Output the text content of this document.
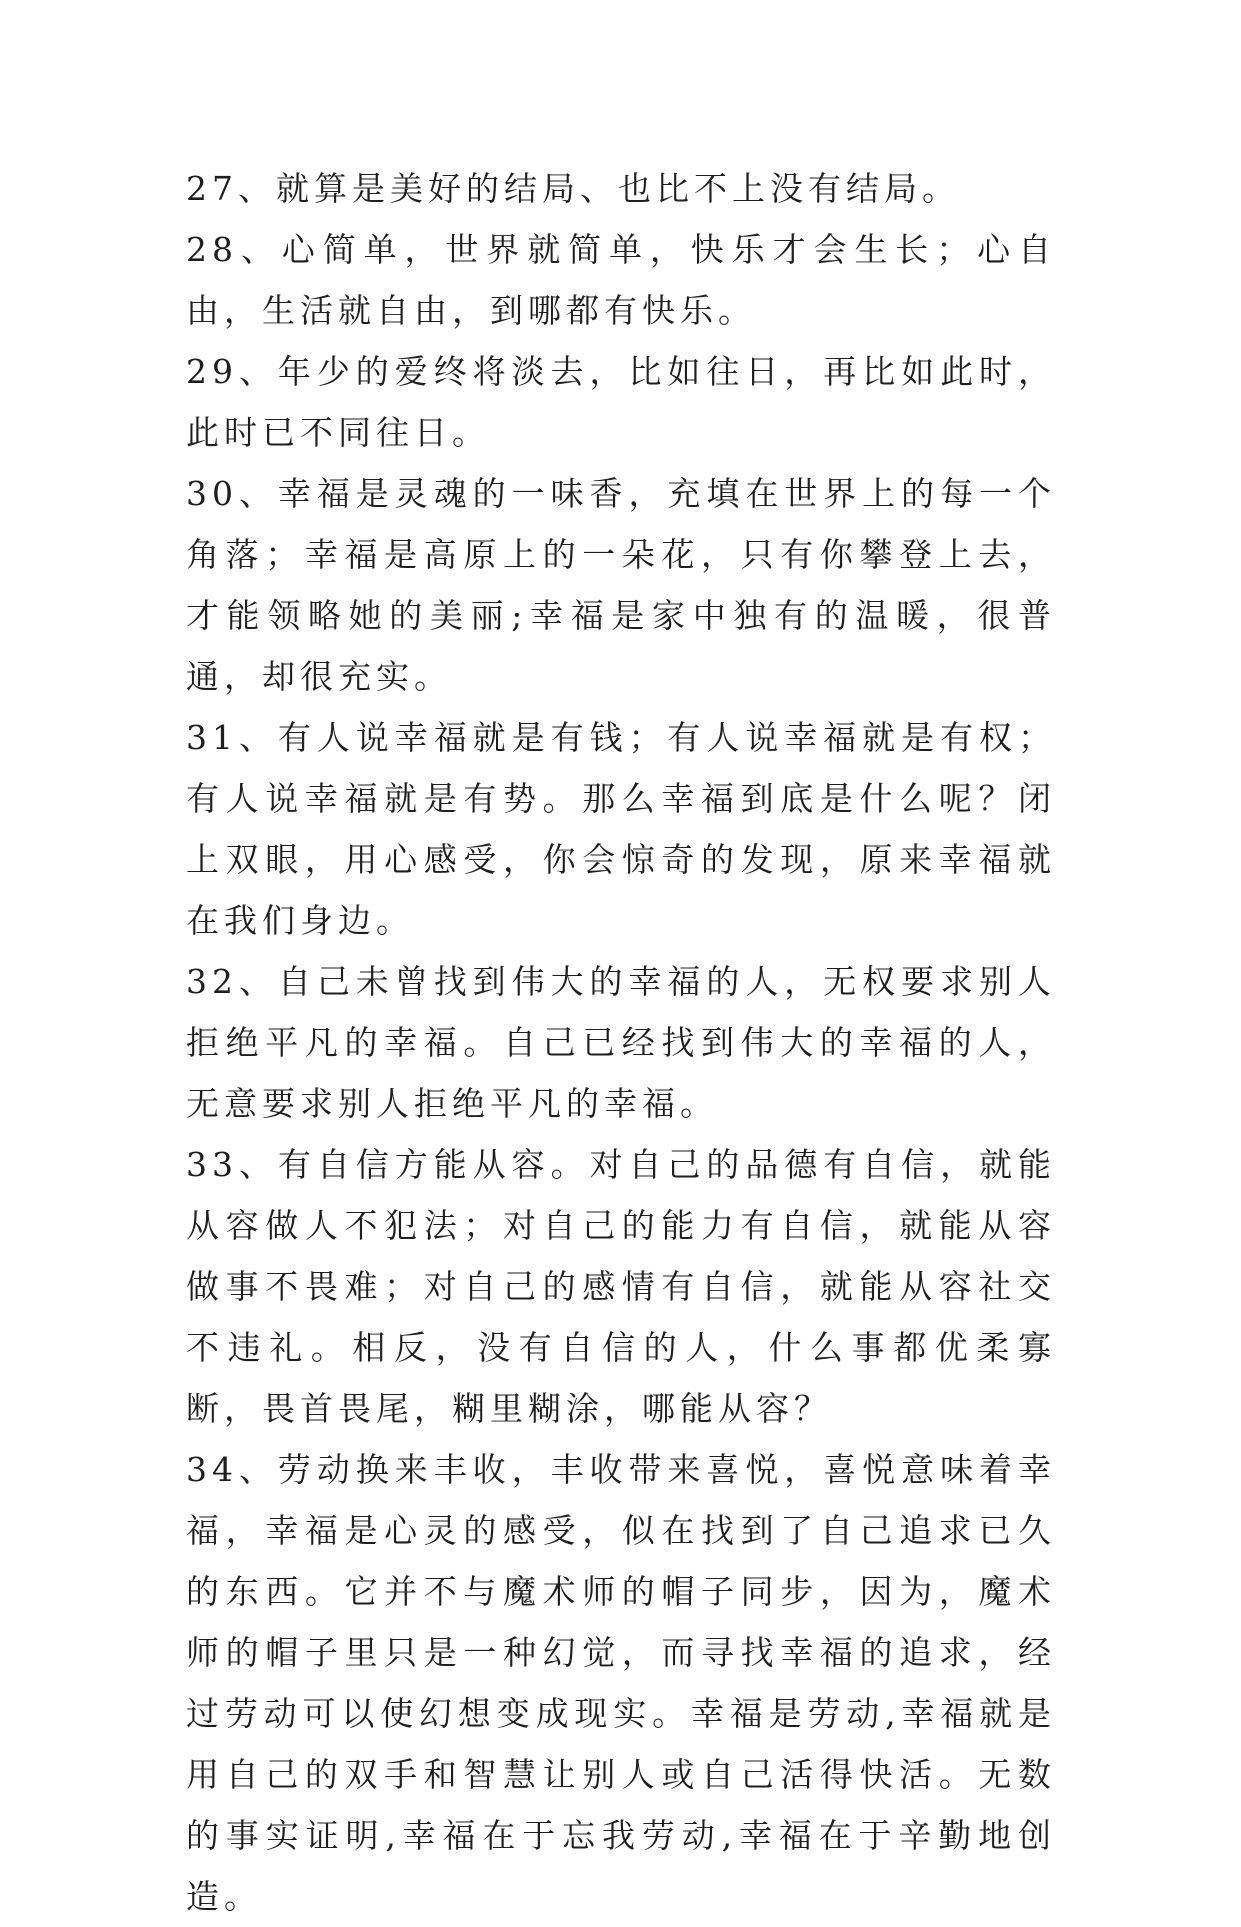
27、就算是美好的结局、也比不上没有结局。

28、心简单，世界就简单，快乐才会生长；心自由，生活就自由，到哪都有快乐。

29、年少的爱终将淡去，比如往日，再比如此时，此时已不同往日。

30、幸福是灵魂的一味香，充填在世界上的每一个角落；幸福是高原上的一朵花，只有你攀登上去，才能领略她的美丽;幸福是家中独有的温暖，很普通，却很充实。

31、有人说幸福就是有钱；有人说幸福就是有权；有人说幸福就是有势。那么幸福到底是什么呢？闭上双眼，用心感受，你会惊奇的发现，原来幸福就在我们身边。

32、自己未曾找到伟大的幸福的人，无权要求别人拒绝平凡的幸福。自己已经找到伟大的幸福的人，无意要求别人拒绝平凡的幸福。

33、有自信方能从容。对自己的品德有自信，就能从容做人不犯法；对自己的能力有自信，就能从容做事不畏难；对自己的感情有自信，就能从容社交不违礼。相反，没有自信的人，什么事都优柔寡断，畏首畏尾，糊里糊涂，哪能从容？

34、劳动换来丰收，丰收带来喜悦，喜悦意味着幸福，幸福是心灵的感受，似在找到了自己追求已久的东西。它并不与魔术师的帽子同步，因为，魔术师的帽子里只是一种幻觉，而寻找幸福的追求，经过劳动可以使幻想变成现实。幸福是劳动,幸福就是用自己的双手和智慧让别人或自己活得快活。无数的事实证明,幸福在于忘我劳动,幸福在于辛勤地创造。
